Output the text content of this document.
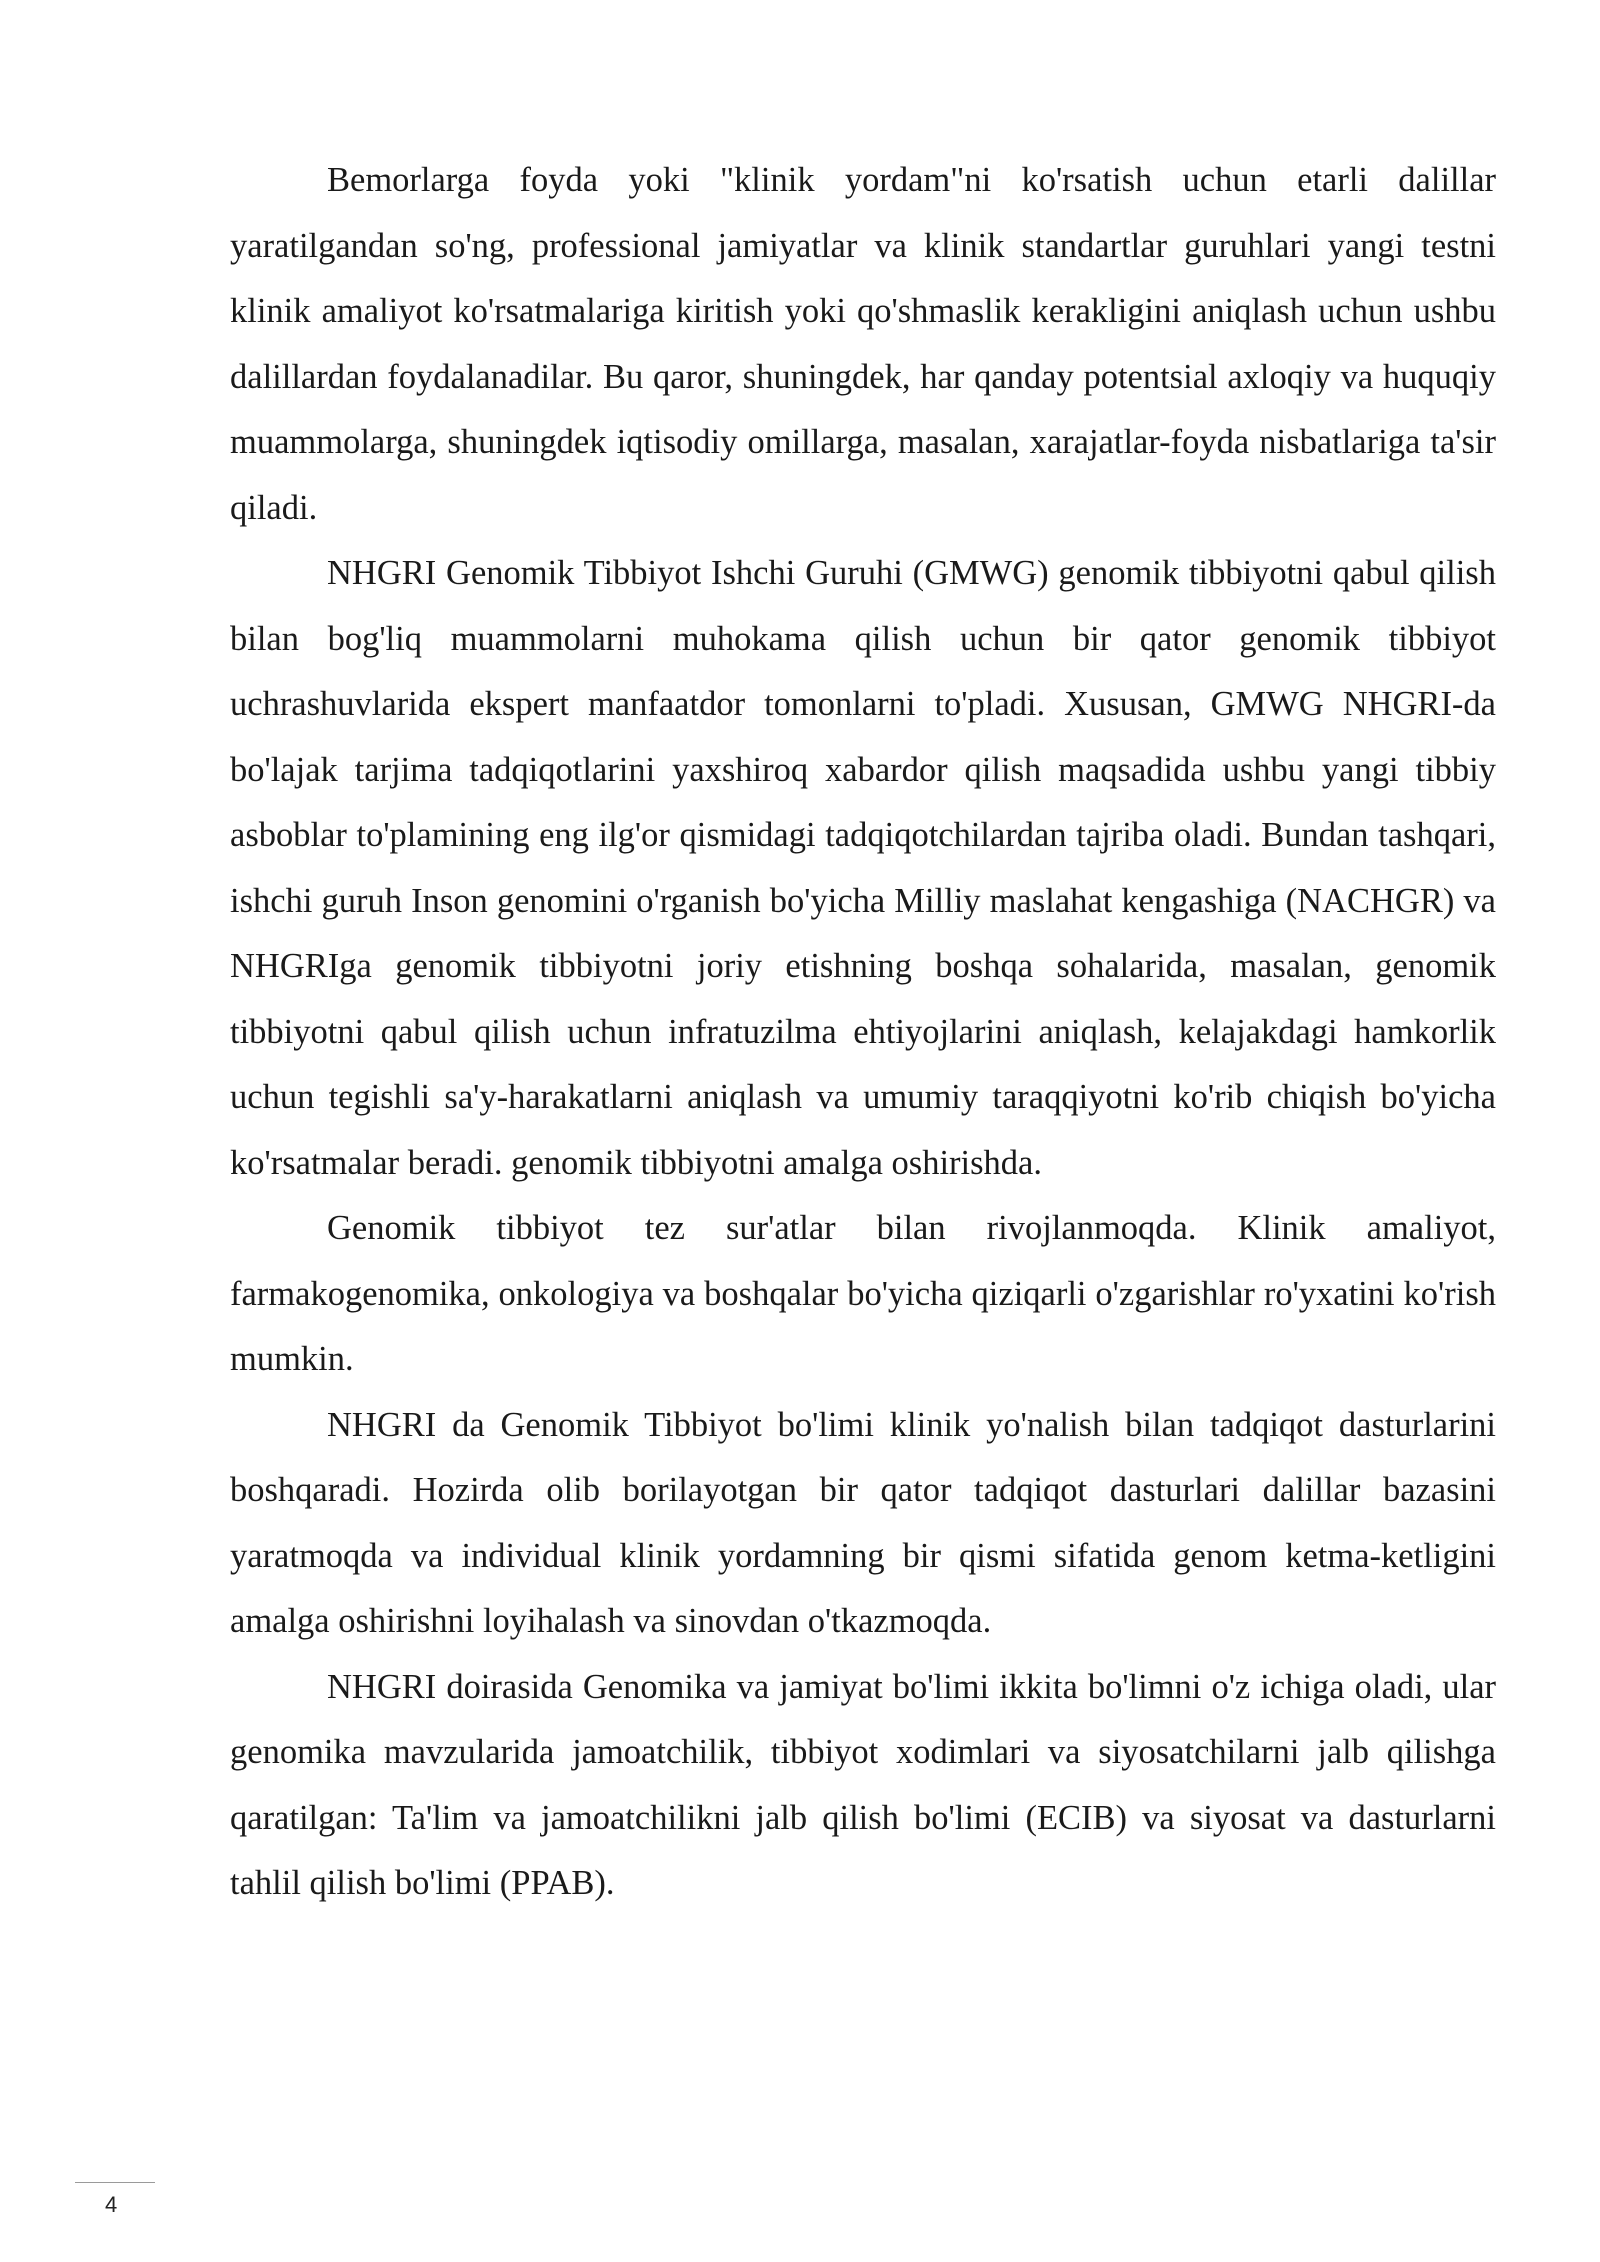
Bemorlarga foyda yoki "klinik yordam"ni ko'rsatish uchun etarli dalillar yaratilgandan so'ng, professional jamiyatlar va klinik standartlar guruhlari yangi testni klinik amaliyot ko'rsatmalariga kiritish yoki qo'shmaslik kerakligini aniqlash uchun ushbu dalillardan foydalanadilar. Bu qaror, shuningdek, har qanday potentsial axloqiy va huquqiy muammolarga, shuningdek iqtisodiy omillarga, masalan, xarajatlar-foyda nisbatlariga ta'sir qiladi.

NHGRI Genomik Tibbiyot Ishchi Guruhi (GMWG) genomik tibbiyotni qabul qilish bilan bog'liq muammolarni muhokama qilish uchun bir qator genomik tibbiyot uchrashuvlarida ekspert manfaatdor tomonlarni to'pladi. Xususan, GMWG NHGRI-da bo'lajak tarjima tadqiqotlarini yaxshiroq xabardor qilish maqsadida ushbu yangi tibbiy asboblar to'plamining eng ilg'or qismidagi tadqiqotchilardan tajriba oladi. Bundan tashqari, ishchi guruh Inson genomini o'rganish bo'yicha Milliy maslahat kengashiga (NACHGR) va NHGRIga genomik tibbiyotni joriy etishning boshqa sohalarida, masalan, genomik tibbiyotni qabul qilish uchun infratuzilma ehtiyojlarini aniqlash, kelajakdagi hamkorlik uchun tegishli sa'y-harakatlarni aniqlash va umumiy taraqqiyotni ko'rib chiqish bo'yicha ko'rsatmalar beradi. genomik tibbiyotni amalga oshirishda.

Genomik tibbiyot tez sur'atlar bilan rivojlanmoqda. Klinik amaliyot, farmakogenomika, onkologiya va boshqalar bo'yicha qiziqarli o'zgarishlar ro'yxatini ko'rish mumkin.

NHGRI da Genomik Tibbiyot bo'limi klinik yo'nalish bilan tadqiqot dasturlarini boshqaradi. Hozirda olib borilayotgan bir qator tadqiqot dasturlari dalillar bazasini yaratmoqda va individual klinik yordamning bir qismi sifatida genom ketma-ketligini amalga oshirishni loyihalash va sinovdan o'tkazmoqda.

NHGRI doirasida Genomika va jamiyat bo'limi ikkita bo'limni o'z ichiga oladi, ular genomika mavzularida jamoatchilik, tibbiyot xodimlari va siyosatchilarni jalb qilishga qaratilgan: Ta'lim va jamoatchilikni jalb qilish bo'limi (ECIB) va siyosat va dasturlarni tahlil qilish bo'limi (PPAB).

4
